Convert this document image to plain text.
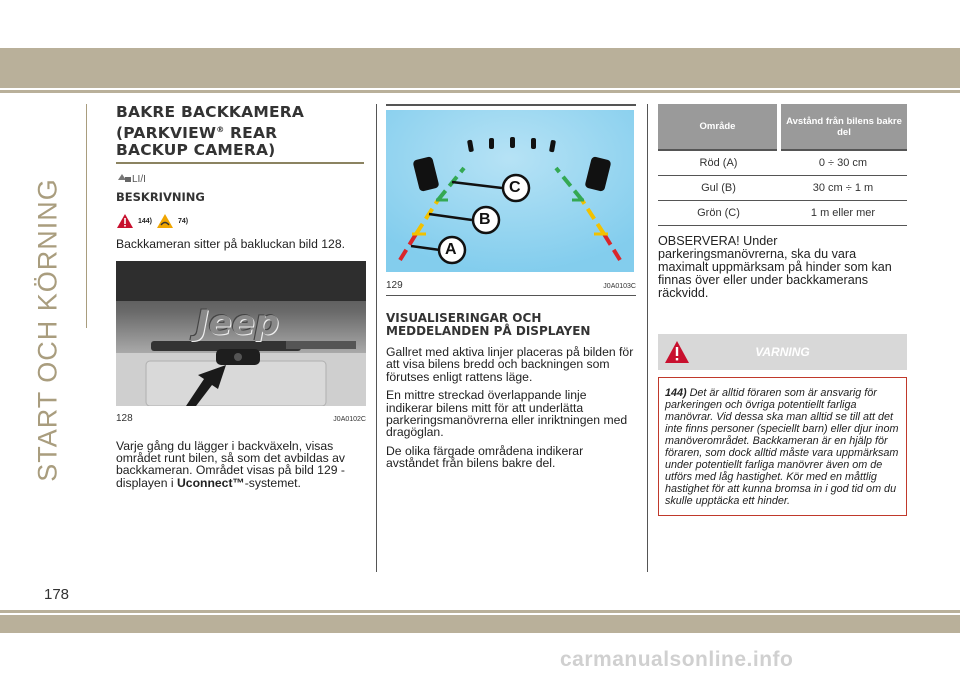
START OCH KÖRNING
BAKRE BACKKAMERA
(PARKVIEW® REAR
BACKUP CAMERA)
LI/I
BESKRIVNING
144)	74)

Backkameran sitter på bakluckan bild 128.

Jeep
128	J0A0102C

Varje gång du lägger i backväxeln, visas området runt bilen, så som det avbildas av backkameran. Området visas på bild 129 -displayen i Uconnect™-systemet.

A
B
C
129	J0A0103C
VISUALISERINGAR OCH
MEDDELANDEN PÅ DISPLAYEN

Gallret med aktiva linjer placeras på bilden för att visa bilens bredd och backningen som förutses enligt rattens läge.

En mittre streckad överlappande linje indikerar bilens mitt för att underlätta parkeringsmanövrerna eller inriktningen med dragöglan.

De olika färgade områdena indikerar avståndet från bilens bakre del.

Område	Avstånd från bilens bakre del
Röd (A)	0 ÷ 30 cm
Gul (B)	30 cm ÷ 1 m
Grön (C)	1 m eller mer

OBSERVERA! Under parkeringsmanövrerna, ska du vara maximalt uppmärksam på hinder som kan finnas över eller under backkamerans räckvidd.

VARNING

144) Det är alltid föraren som är ansvarig för parkeringen och övriga potentiellt farliga manövrar. Vid dessa ska man alltid se till att det inte finns personer (speciellt barn) eller djur inom manöverområdet. Backkameran är en hjälp för föraren, som dock alltid måste vara uppmärksam under potentiellt farliga manövrer även om de utförs med låg hastighet. Kör med en måttlig hastighet för att kunna bromsa in i god tid om du skulle upptäcka ett hinder.

178
carmanualsonline.info
